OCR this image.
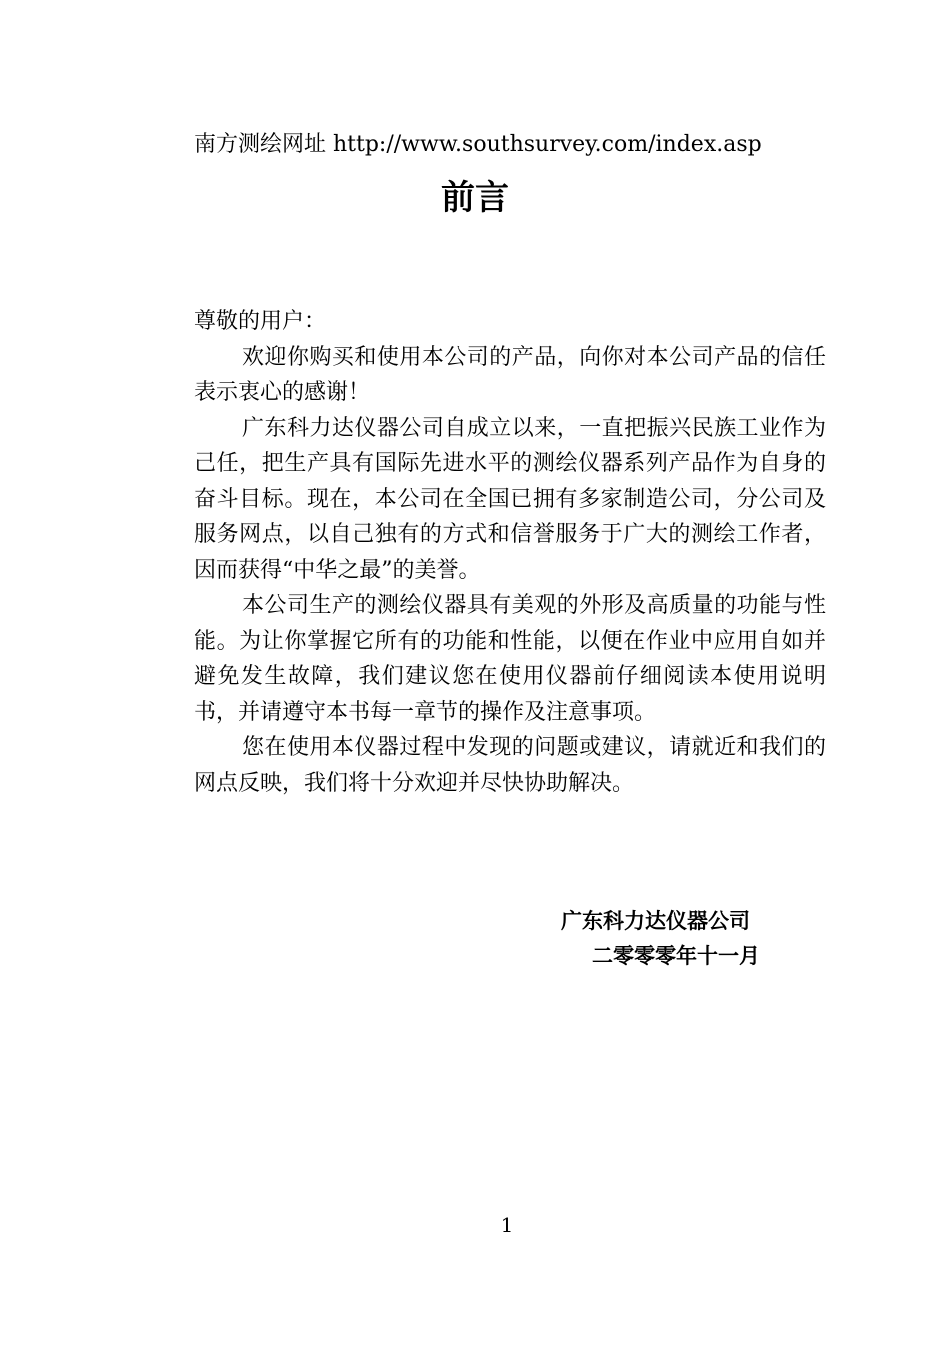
南方测绘网址 http://www.southsurvey.com/index.asp
前言

尊敬的用户：

欢迎你购买和使用本公司的产品，向你对本公司产品的信任表示衷心的感谢！

广东科力达仪器公司自成立以来，一直把振兴民族工业作为己任，把生产具有国际先进水平的测绘仪器系列产品作为自身的奋斗目标。现在，本公司在全国已拥有多家制造公司，分公司及服务网点，以自己独有的方式和信誉服务于广大的测绘工作者，因而获得“中华之最”的美誉。

本公司生产的测绘仪器具有美观的外形及高质量的功能与性能。为让你掌握它所有的功能和性能，以便在作业中应用自如并避免发生故障，我们建议您在使用仪器前仔细阅读本使用说明书，并请遵守本书每一章节的操作及注意事项。

您在使用本仪器过程中发现的问题或建议，请就近和我们的网点反映，我们将十分欢迎并尽快协助解决。

广东科力达仪器公司
二零零零年十一月
1
